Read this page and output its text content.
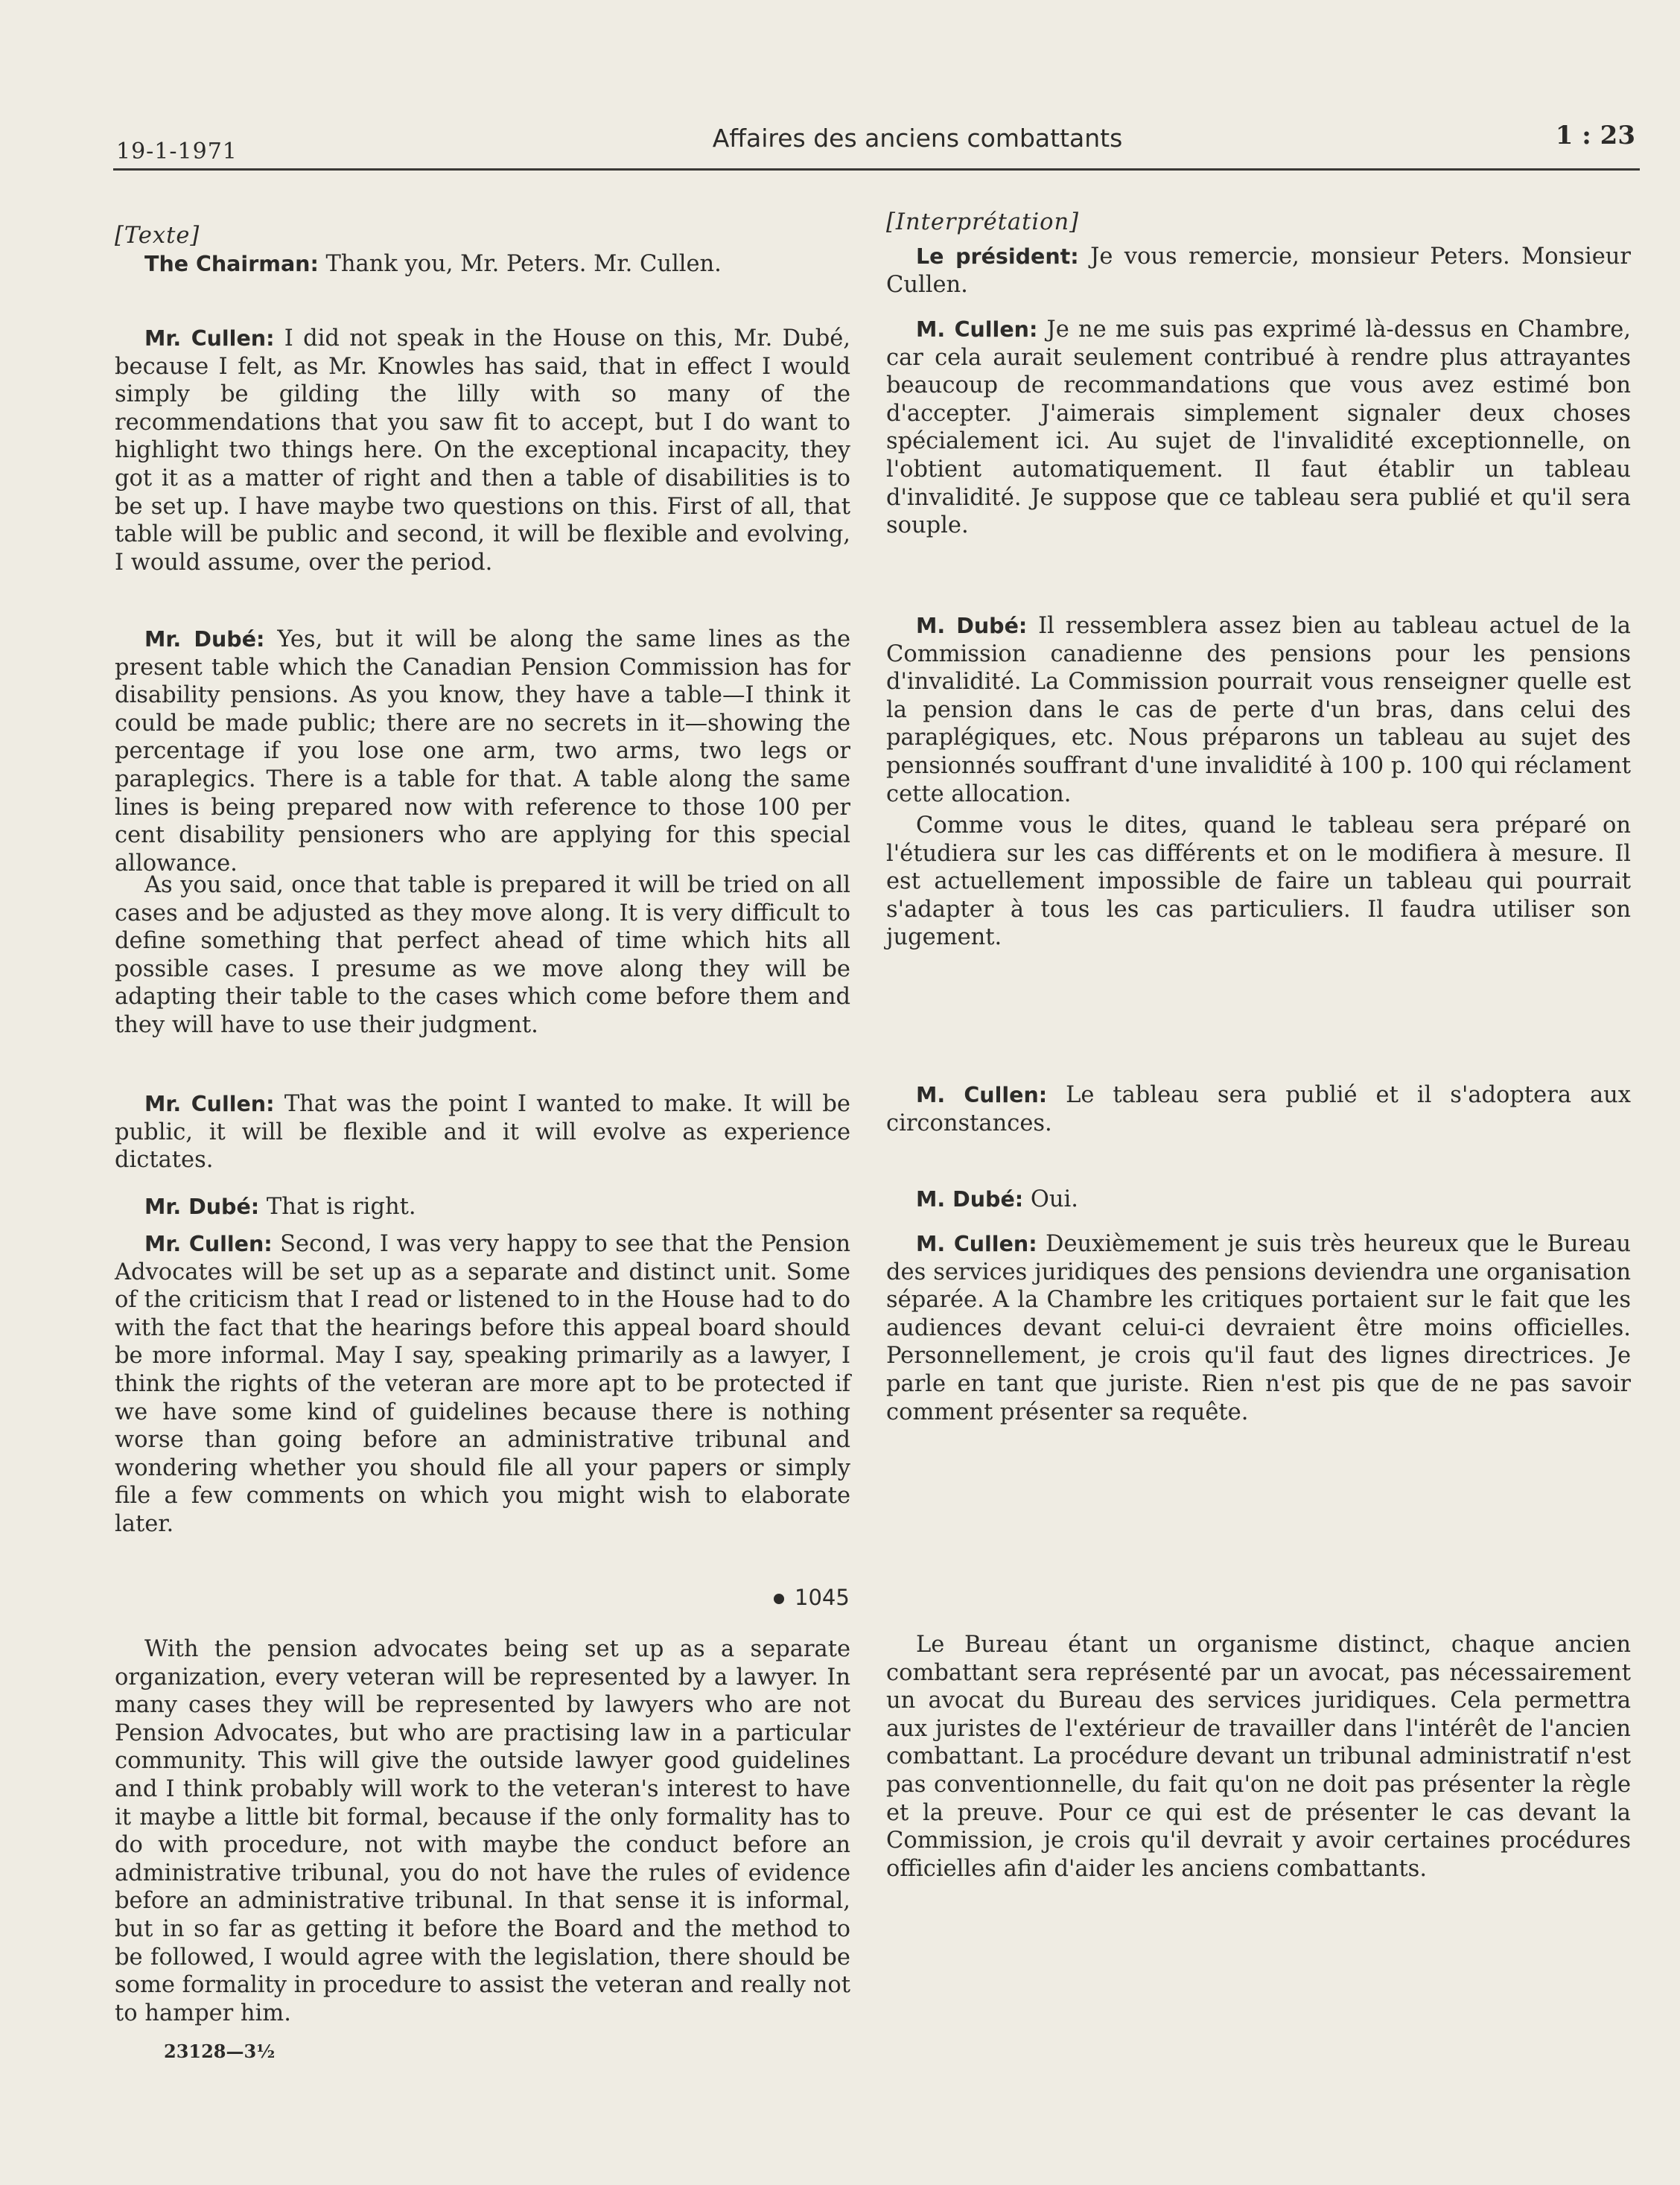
19-1-1971	Affaires des anciens combattants	1 : 23

[Texte]

The Chairman: Thank you, Mr. Peters. Mr. Cullen.

Mr. Cullen: I did not speak in the House on this, Mr. Dubé, because I felt, as Mr. Knowles has said, that in effect I would simply be gilding the lilly with so many of the recommendations that you saw fit to accept, but I do want to highlight two things here. On the exceptional incapacity, they got it as a matter of right and then a table of disabilities is to be set up. I have maybe two questions on this. First of all, that table will be public and second, it will be flexible and evolving, I would assume, over the period.

Mr. Dubé: Yes, but it will be along the same lines as the present table which the Canadian Pension Commission has for disability pensions. As you know, they have a table—I think it could be made public; there are no secrets in it—showing the percentage if you lose one arm, two arms, two legs or paraplegics. There is a table for that. A table along the same lines is being prepared now with reference to those 100 per cent disability pensioners who are applying for this special allowance.

As you said, once that table is prepared it will be tried on all cases and be adjusted as they move along. It is very difficult to define something that perfect ahead of time which hits all possible cases. I presume as we move along they will be adapting their table to the cases which come before them and they will have to use their judgment.

Mr. Cullen: That was the point I wanted to make. It will be public, it will be flexible and it will evolve as experience dictates.

Mr. Dubé: That is right.

Mr. Cullen: Second, I was very happy to see that the Pension Advocates will be set up as a separate and distinct unit. Some of the criticism that I read or listened to in the House had to do with the fact that the hearings before this appeal board should be more informal. May I say, speaking primarily as a lawyer, I think the rights of the veteran are more apt to be protected if we have some kind of guidelines because there is nothing worse than going before an administrative tribunal and wondering whether you should file all your papers or simply file a few comments on which you might wish to elaborate later.

1045

With the pension advocates being set up as a separate organization, every veteran will be represented by a lawyer. In many cases they will be represented by lawyers who are not Pension Advocates, but who are practising law in a particular community. This will give the outside lawyer good guidelines and I think probably will work to the veteran's interest to have it maybe a little bit formal, because if the only formality has to do with procedure, not with maybe the conduct before an administrative tribunal, you do not have the rules of evidence before an administrative tribunal. In that sense it is informal, but in so far as getting it before the Board and the method to be followed, I would agree with the legislation, there should be some formality in procedure to assist the veteran and really not to hamper him.

[Interprétation]

Le président: Je vous remercie, monsieur Peters. Monsieur Cullen.

M. Cullen: Je ne me suis pas exprimé là-dessus en Chambre, car cela aurait seulement contribué à rendre plus attrayantes beaucoup de recommandations que vous avez estimé bon d'accepter. J'aimerais simplement signaler deux choses spécialement ici. Au sujet de l'invalidité exceptionnelle, on l'obtient automatiquement. Il faut établir un tableau d'invalidité. Je suppose que ce tableau sera publié et qu'il sera souple.

M. Dubé: Il ressemblera assez bien au tableau actuel de la Commission canadienne des pensions pour les pensions d'invalidité. La Commission pourrait vous renseigner quelle est la pension dans le cas de perte d'un bras, dans celui des paraplégiques, etc. Nous préparons un tableau au sujet des pensionnés souffrant d'une invalidité à 100 p. 100 qui réclament cette allocation.

Comme vous le dites, quand le tableau sera préparé on l'étudiera sur les cas différents et on le modifiera à mesure. Il est actuellement impossible de faire un tableau qui pourrait s'adapter à tous les cas particuliers. Il faudra utiliser son jugement.

M. Cullen: Le tableau sera publié et il s'adoptera aux circonstances.

M. Dubé: Oui.

M. Cullen: Deuxièmement je suis très heureux que le Bureau des services juridiques des pensions deviendra une organisation séparée. A la Chambre les critiques portaient sur le fait que les audiences devant celui-ci devraient être moins officielles. Personnellement, je crois qu'il faut des lignes directrices. Je parle en tant que juriste. Rien n'est pis que de ne pas savoir comment présenter sa requête.

Le Bureau étant un organisme distinct, chaque ancien combattant sera représenté par un avocat, pas nécessairement un avocat du Bureau des services juridiques. Cela permettra aux juristes de l'extérieur de travailler dans l'intérêt de l'ancien combattant. La procédure devant un tribunal administratif n'est pas conventionnelle, du fait qu'on ne doit pas présenter la règle et la preuve. Pour ce qui est de présenter le cas devant la Commission, je crois qu'il devrait y avoir certaines procédures officielles afin d'aider les anciens combattants.

23128—3½
